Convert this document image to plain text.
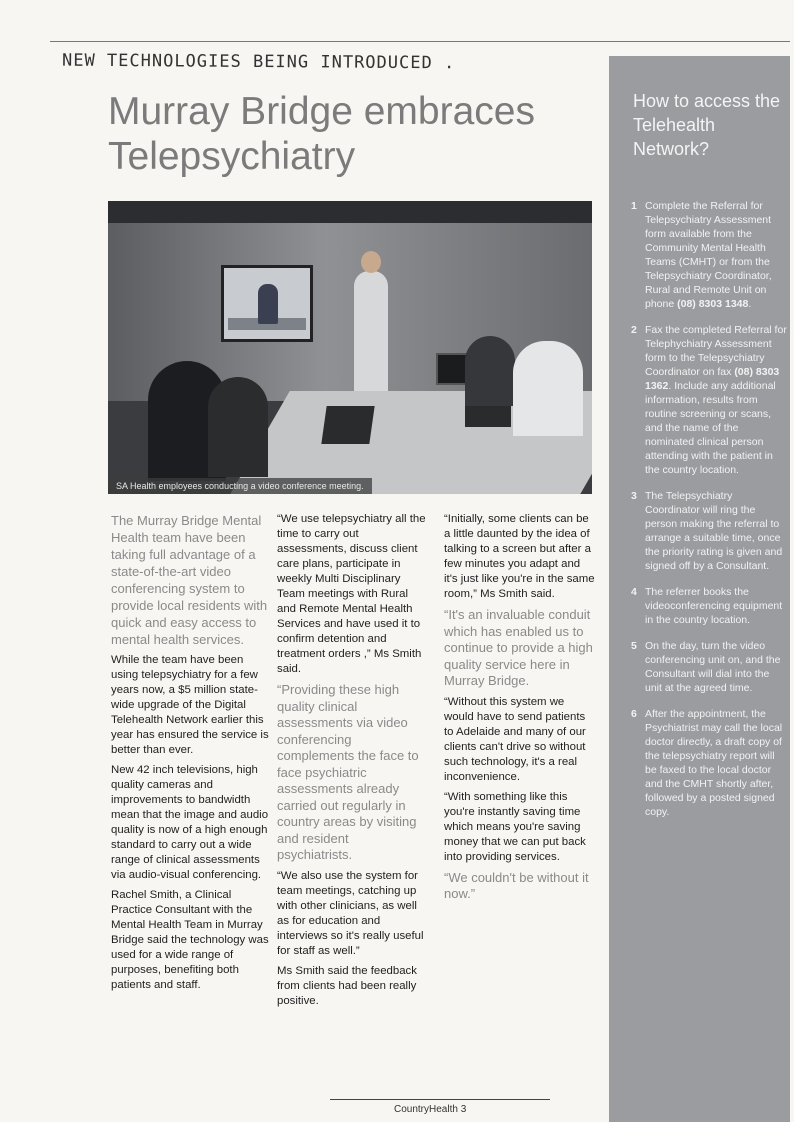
NEW TECHNOLOGIES BEING INTRODUCED .
Murray Bridge embraces Telepsychiatry
SA Health employees conducting a video conference meeting.

The Murray Bridge Mental Health team have been taking full advantage of a state-of-the-art video conferencing system to provide local residents with quick and easy access to mental health services.

While the team have been using telepsychiatry for a few years now, a $5 million state-wide upgrade of the Digital Telehealth Network earlier this year has ensured the service is better than ever.

New 42 inch televisions, high quality cameras and improvements to bandwidth mean that the image and audio quality is now of a high enough standard to carry out a wide range of clinical assessments via audio-visual conferencing.

Rachel Smith, a Clinical Practice Consultant with the Mental Health Team in Murray Bridge said the technology was used for a wide range of purposes, benefiting both patients and staff.

“We use telepsychiatry all the time to carry out assessments, discuss client care plans, participate in weekly Multi Disciplinary Team meetings with Rural and Remote Mental Health Services and have used it to confirm detention and treatment orders ,” Ms Smith said.

“Providing these high quality clinical assessments via video conferencing complements the face to face psychiatric assessments already carried out regularly in country areas by visiting and resident psychiatrists.

“We also use the system for team meetings, catching up with other clinicians, as well as for education and interviews so it's really useful for staff as well.”

Ms Smith said the feedback from clients had been really positive.

“Initially, some clients can be a little daunted by the idea of talking to a screen but after a few minutes you adapt and it's just like you're in the same room,” Ms Smith said.

“It's an invaluable conduit which has enabled us to continue to provide a high quality service here in Murray Bridge.

“Without this system we would have to send patients to Adelaide and many of our clients can't drive so without such technology, it's a real inconvenience.

“With something like this you're instantly saving time which means you're saving money that we can put back into providing services.

“We couldn't be without it now.”

How to access the Telehealth Network?
1 Complete the Referral for Telepsychiatry Assessment form available from the Community Mental Health Teams (CMHT) or from the Telepsychiatry Coordinator, Rural and Remote Unit on phone (08) 8303 1348.
2 Fax the completed Referral for Telephychiatry Assessment form to the Telepsychiatry Coordinator on fax (08) 8303 1362. Include any additional information, results from routine screening or scans, and the name of the nominated clinical person attending with the patient in the country location.
3 The Telepsychiatry Coordinator will ring the person making the referral to arrange a suitable time, once the priority rating is given and signed off by a Consultant.
4 The referrer books the videoconferencing equipment in the country location.
5 On the day, turn the video conferencing unit on, and the Consultant will dial into the unit at the agreed time.
6 After the appointment, the Psychiatrist may call the local doctor directly, a draft copy of the telepsychiatry report will be faxed to the local doctor and the CMHT shortly after, followed by a posted signed copy.
CountryHealth 3
